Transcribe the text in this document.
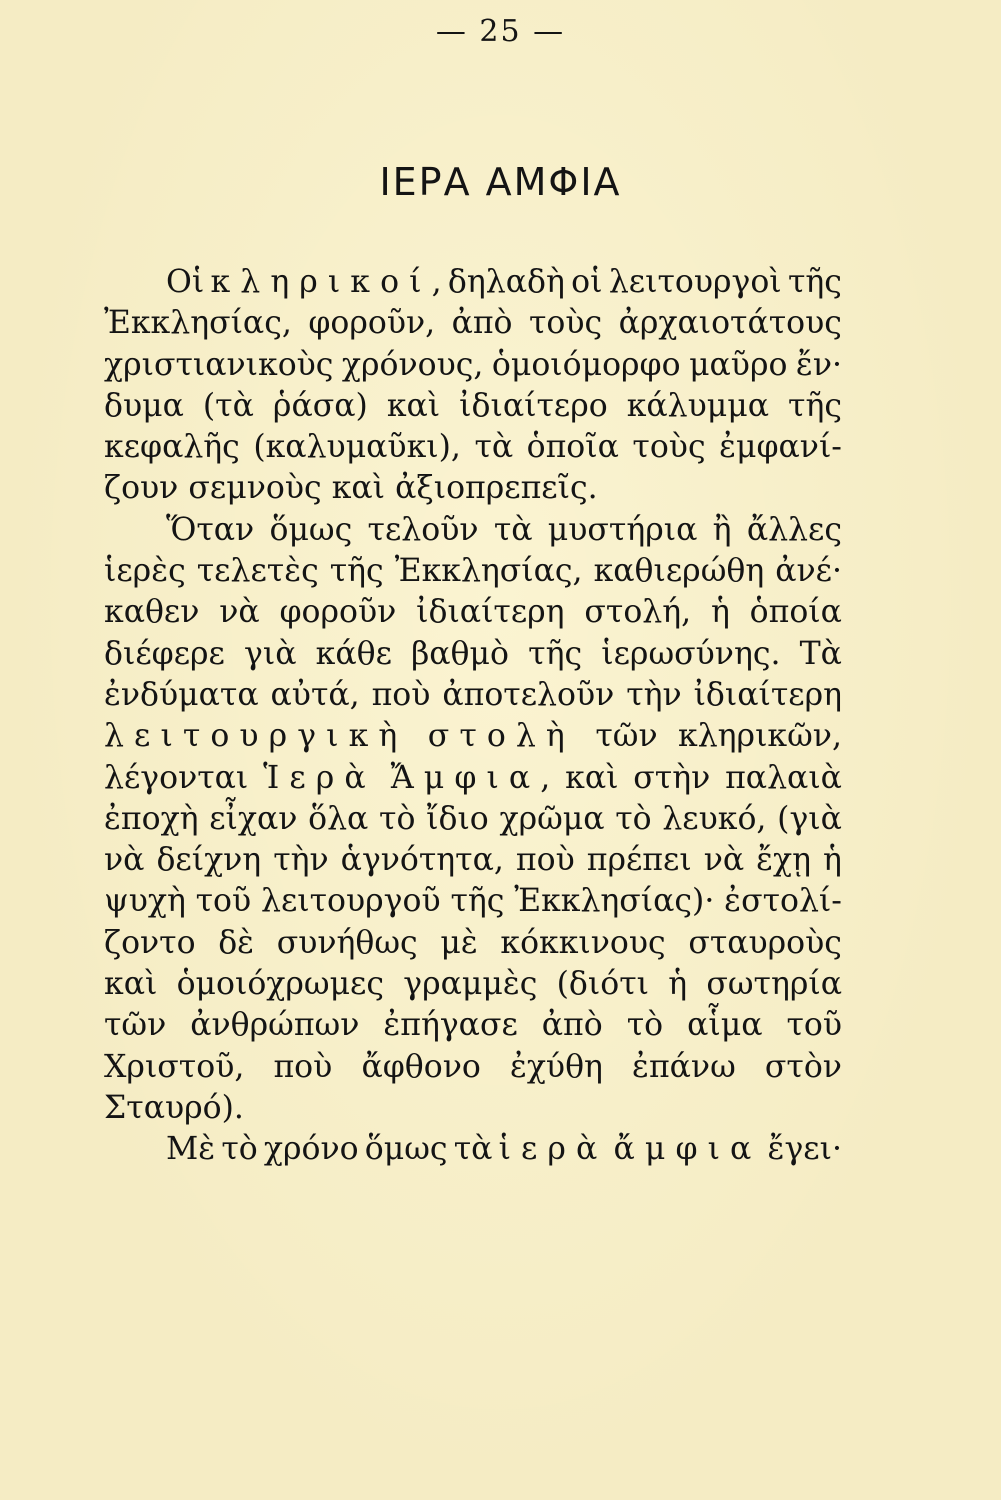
— 25 —
ΙΕΡΑ ΑΜΦΙΑ
Οἱ κληρικοί, δηλαδὴ οἱ λειτουργοὶ τῆς
Ἐκκλησίας, φοροῦν, ἀπὸ τοὺς ἀρχαιοτάτους
χριστιανικοὺς χρόνους, ὁμοιόμορφο μαῦρο ἔν·
δυμα (τὰ ῥάσα) καὶ ἰδιαίτερο κάλυμμα τῆς
κεφαλῆς (καλυμαῦκι), τὰ ὁποῖα τοὺς ἐμφανί-
ζουν σεμνοὺς καὶ ἀξιοπρεπεῖς.
Ὅταν ὅμως τελοῦν τὰ μυστήρια ἢ ἄλλες
ἱερὲς τελετὲς τῆς Ἐκκλησίας, καθιερώθη ἀνέ·
καθεν νὰ φοροῦν ἰδιαίτερη στολή, ἡ ὁποία
διέφερε γιὰ κάθε βαθμὸ τῆς ἱερωσύνης. Τὰ
ἐνδύματα αὐτά, ποὺ ἀποτελοῦν τὴν ἰδιαίτερη
λειτουργικὴ στολὴ τῶν κληρικῶν,
λέγονται Ἱερὰ Ἄμφια, καὶ στὴν παλαιὰ
ἐποχὴ εἶχαν ὅλα τὸ ἴδιο χρῶμα τὸ λευκό, (γιὰ
νὰ δείχνη τὴν ἁγνότητα, ποὺ πρέπει νὰ ἔχῃ ἡ
ψυχὴ τοῦ λειτουργοῦ τῆς Ἐκκλησίας)· ἐστολί-
ζοντο δὲ συνήθως μὲ κόκκινους σταυροὺς
καὶ ὁμοιόχρωμες γραμμὲς (διότι ἡ σωτηρία
τῶν ἀνθρώπων ἐπήγασε ἀπὸ τὸ αἷμα τοῦ
Χριστοῦ, ποὺ ἄφθονο ἐχύθη ἐπάνω στὸν
Σταυρό).
Μὲ τὸ χρόνο ὅμως τὰ ἱερὰ ἄμφια ἔγει·
